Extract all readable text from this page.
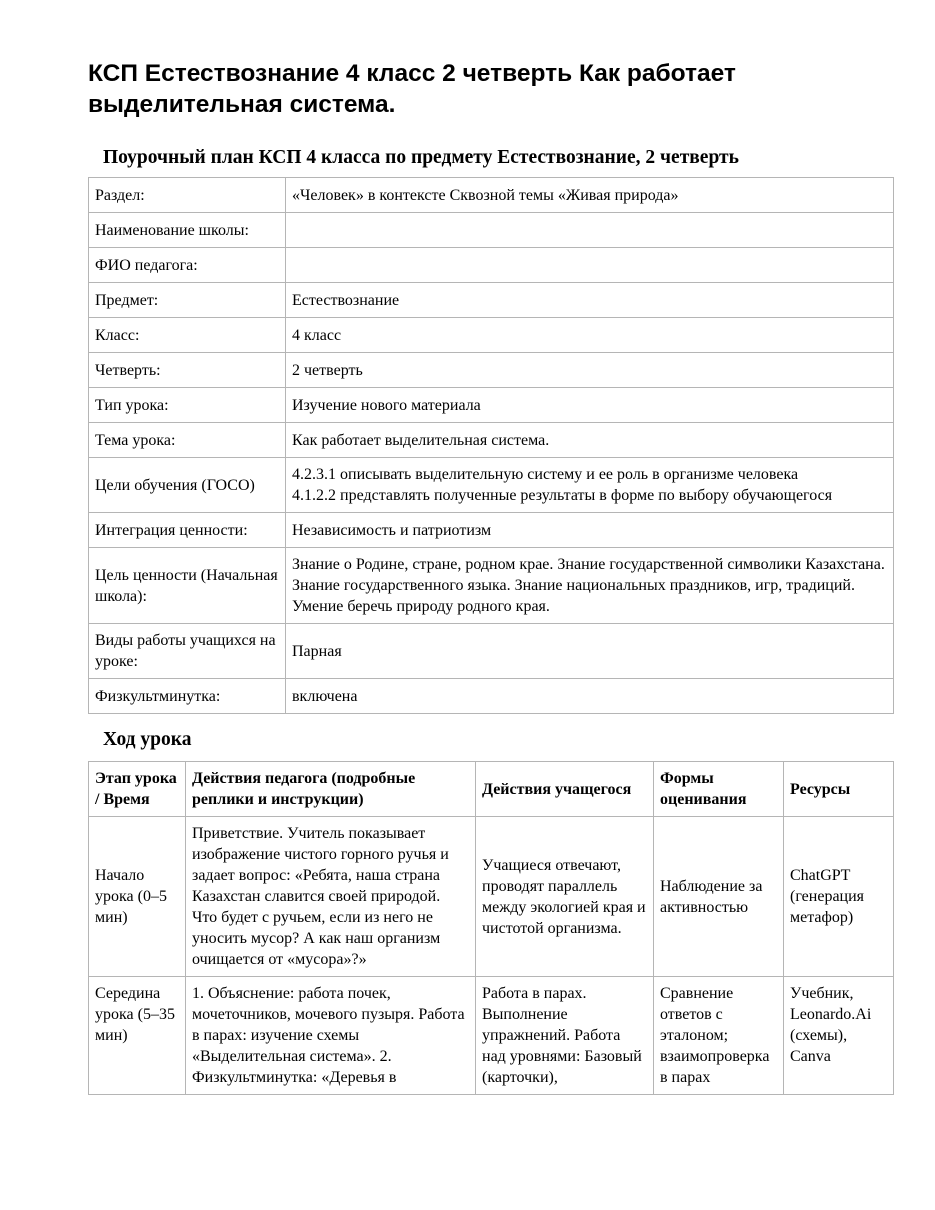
КСП Естествознание 4 класс 2 четверть Как работает выделительная система.
Поурочный план КСП 4 класса по предмету Естествознание, 2 четверть
Раздел:	«Человек» в контексте Сквозной темы «Живая природа»
Наименование школы:	
ФИО педагога:	
Предмет:	Естествознание
Класс:	4 класс
Четверть:	2 четверть
Тип урока:	Изучение нового материала
Тема урока:	Как работает выделительная система.
Цели обучения (ГОСО)	4.2.3.1 описывать выделительную систему и ее роль в организме человека
4.1.2.2 представлять полученные результаты в форме по выбору обучающегося
Интеграция ценности:	Независимость и патриотизм
Цель ценности (Начальная школа):	Знание о Родине, стране, родном крае. Знание государственной символики Казахстана. Знание государственного языка. Знание национальных праздников, игр, традиций. Умение беречь природу родного края.
Виды работы учащихся на уроке:	Парная
Физкультминутка:	включена
Ход урока
Этап урока / Время	Действия педагога (подробные реплики и инструкции)	Действия учащегося	Формы оценивания	Ресурсы
Начало урока (0–5 мин)	Приветствие. Учитель показывает изображение чистого горного ручья и задает вопрос: «Ребята, наша страна Казахстан славится своей природой. Что будет с ручьем, если из него не уносить мусор? А как наш организм очищается от «мусора»?»	Учащиеся отвечают, проводят параллель между экологией края и чистотой организма.	Наблюдение за активностью	ChatGPT (генерация метафор)
Середина урока (5–35 мин)	1. Объяснение: работа почек, мочеточников, мочевого пузыря. Работа в парах: изучение схемы «Выделительная система». 2. Физкультминутка: «Деревья в	Работа в парах. Выполнение упражнений. Работа над уровнями: Базовый (карточки),	Сравнение ответов с эталоном; взаимопроверка в парах	Учебник, Leonardo.Ai (схемы), Canva
